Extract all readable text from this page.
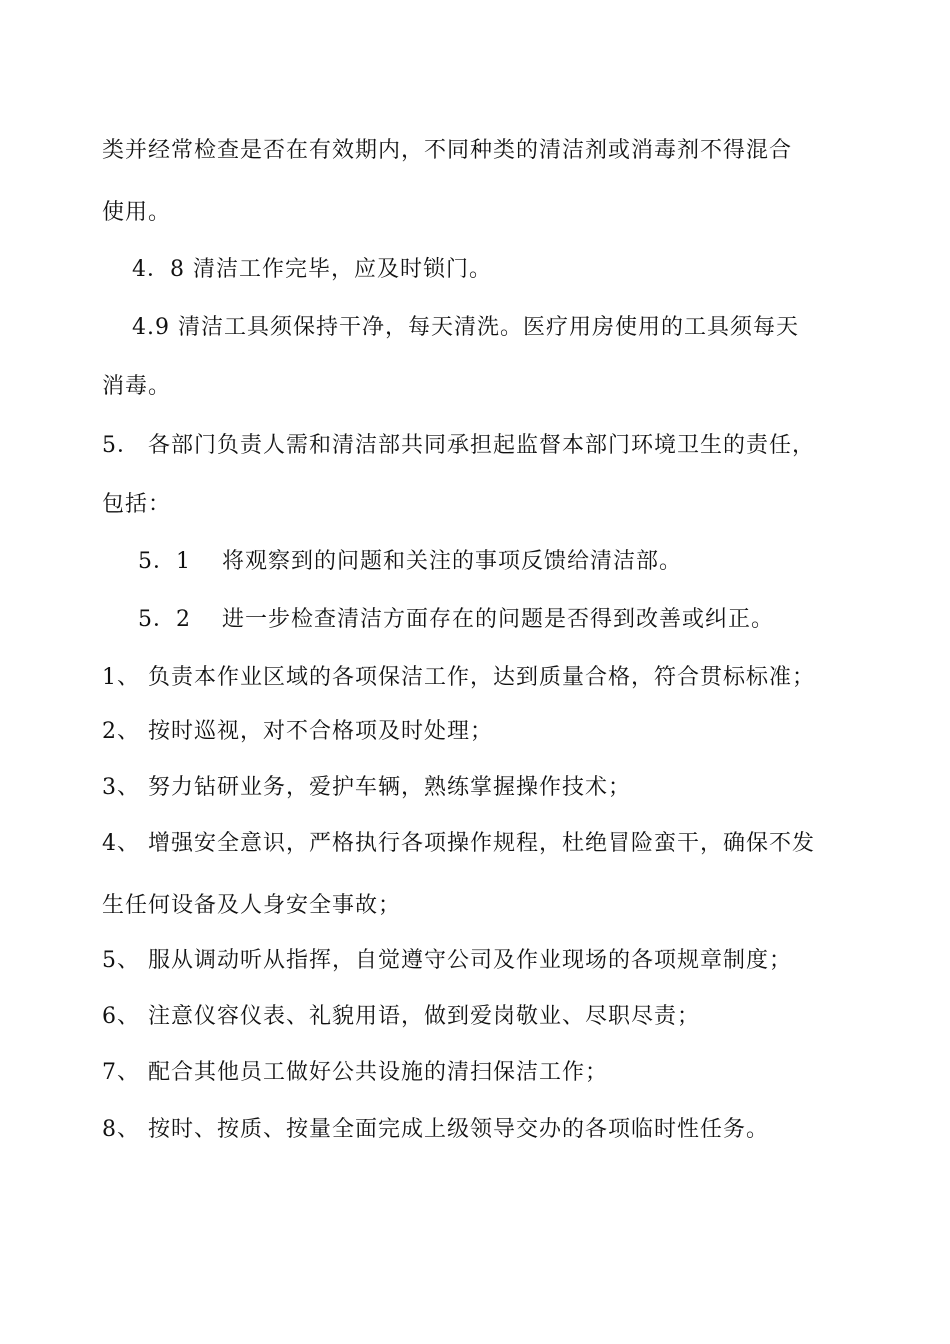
类并经常检查是否在有效期内，不同种类的清洁剂或消毒剂不得混合
使用。
4．8 清洁工作完毕，应及时锁门。
4.9 清洁工具须保持干净，每天清洗。医疗用房使用的工具须每天
消毒。
5． 各部门负责人需和清洁部共同承担起监督本部门环境卫生的责任，
包括：
5．1　 将观察到的问题和关注的事项反馈给清洁部。
5．2　 进一步检查清洁方面存在的问题是否得到改善或纠正。
1、 负责本作业区域的各项保洁工作，达到质量合格，符合贯标标准；
2、 按时巡视，对不合格项及时处理；
3、 努力钻研业务，爱护车辆，熟练掌握操作技术；
4、 增强安全意识，严格执行各项操作规程，杜绝冒险蛮干，确保不发
生任何设备及人身安全事故；
5、 服从调动听从指挥，自觉遵守公司及作业现场的各项规章制度；
6、 注意仪容仪表、礼貌用语，做到爱岗敬业、尽职尽责；
7、 配合其他员工做好公共设施的清扫保洁工作；
8、 按时、按质、按量全面完成上级领导交办的各项临时性任务。
